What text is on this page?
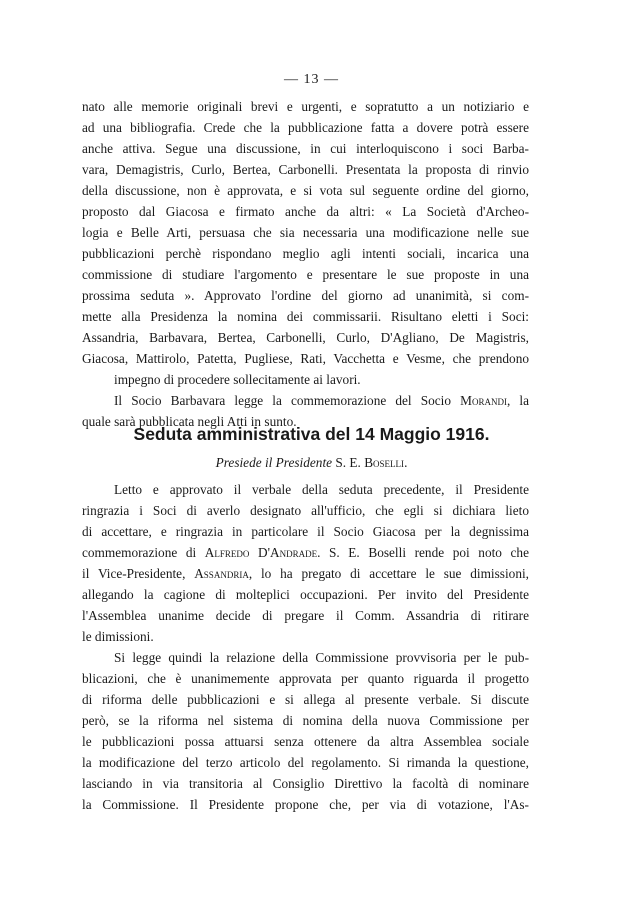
— 13 —
nato alle memorie originali brevi e urgenti, e sopratutto a un notiziario e
ad una bibliografia. Crede che la pubblicazione fatta a dovere potrà essere
anche attiva. Segue una discussione, in cui interloquiscono i soci Barba-
vara, Demagistris, Curlo, Bertea, Carbonelli. Presentata la proposta di rinvio
della discussione, non è approvata, e si vota sul seguente ordine del giorno,
proposto dal Giacosa e firmato anche da altri: « La Società d'Archeo-
logia e Belle Arti, persuasa che sia necessaria una modificazione nelle sue
pubblicazioni perchè rispondano meglio agli intenti sociali, incarica una
commissione di studiare l'argomento e presentare le sue proposte in una
prossima seduta ». Approvato l'ordine del giorno ad unanimità, si com-
mette alla Presidenza la nomina dei commissarii. Risultano eletti i Soci:
Assandria, Barbavara, Bertea, Carbonelli, Curlo, D'Agliano, De Magistris,
Giacosa, Mattirolo, Patetta, Pugliese, Rati, Vacchetta e Vesme, che prendono
impegno di procedere sollecitamente ai lavori.
Il Socio Barbavara legge la commemorazione del Socio Morandi, la
quale sarà pubblicata negli Atti in sunto.
Seduta amministrativa del 14 Maggio 1916.
Presiede il Presidente S. E. Boselli.
Letto e approvato il verbale della seduta precedente, il Presidente
ringrazia i Soci di averlo designato all'ufficio, che egli si dichiara lieto
di accettare, e ringrazia in particolare il Socio Giacosa per la degnissima
commemorazione di Alfredo D'Andrade. S. E. Boselli rende poi noto che
il Vice-Presidente, Assandria, lo ha pregato di accettare le sue dimissioni,
allegando la cagione di molteplici occupazioni. Per invito del Presidente
l'Assemblea unanime decide di pregare il Comm. Assandria di ritirare
le dimissioni.
Si legge quindi la relazione della Commissione provvisoria per le pub-
blicazioni, che è unanimemente approvata per quanto riguarda il progetto
di riforma delle pubblicazioni e si allega al presente verbale. Si discute
però, se la riforma nel sistema di nomina della nuova Commissione per
le pubblicazioni possa attuarsi senza ottenere da altra Assemblea sociale
la modificazione del terzo articolo del regolamento. Si rimanda la questione,
lasciando in via transitoria al Consiglio Direttivo la facoltà di nominare
la Commissione. Il Presidente propone che, per via di votazione, l'As-
